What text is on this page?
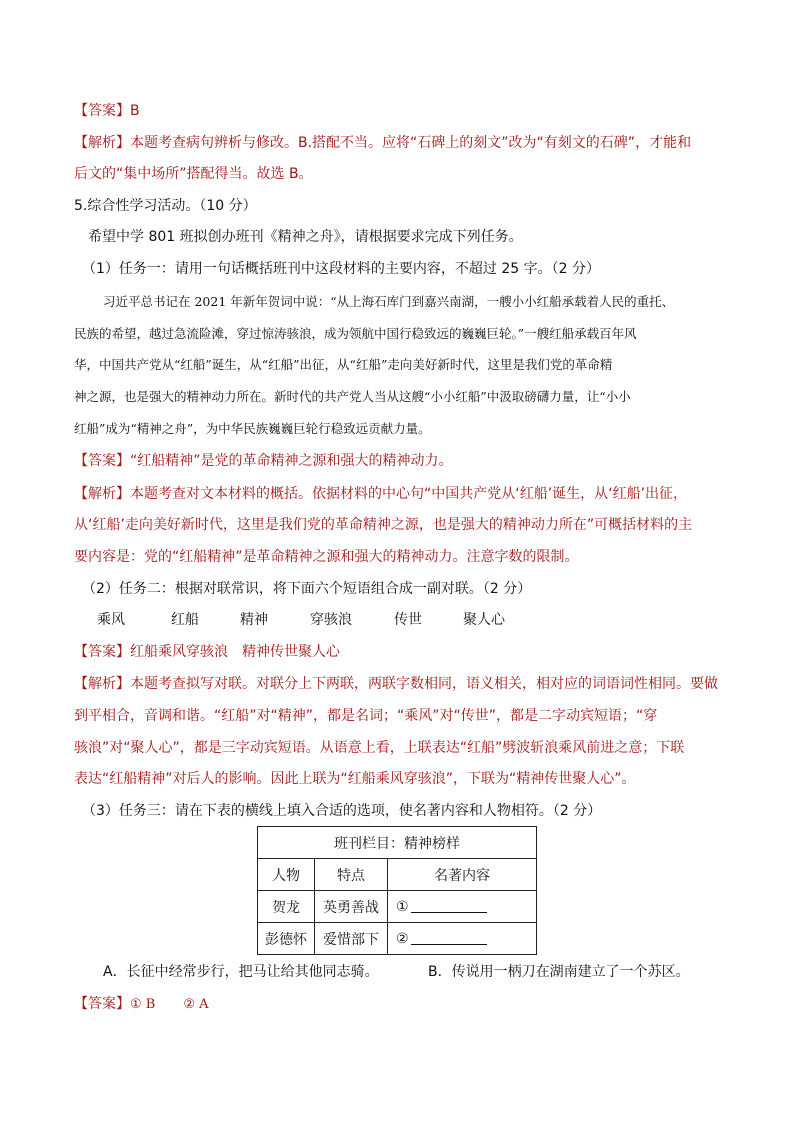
【答案】B
【解析】本题考查病句辨析与修改。B.搭配不当。应将“石碑上的刻文”改为“有刻文的石碑”，才能和
后文的“集中场所”搭配得当。故选 B。
5.综合性学习活动。（10 分）
希望中学 801 班拟创办班刊《精神之舟》，请根据要求完成下列任务。
（1）任务一：请用一句话概括班刊中这段材料的主要内容，不超过 25 字。（2 分）
习近平总书记在 2021 年新年贺词中说：“从上海石库门到嘉兴南湖，一艘小小红船承载着人民的重托、
民族的希望，越过急流险滩，穿过惊涛骇浪，成为领航中国行稳致远的巍巍巨轮。”一艘红船承载百年风
华，中国共产党从“红船”诞生，从“红船”出征，从“红船”走向美好新时代，这里是我们党的革命精
神之源，也是强大的精神动力所在。新时代的共产党人当从这艘“小小红船”中汲取磅礴力量，让“小小
红船”成为“精神之舟”，为中华民族巍巍巨轮行稳致远贡献力量。
【答案】“红船精神”是党的革命精神之源和强大的精神动力。
【解析】本题考查对文本材料的概括。依据材料的中心句“中国共产党从‘红船’诞生，从‘红船’出征，
从‘红船’走向美好新时代，这里是我们党的革命精神之源，也是强大的精神动力所在”可概括材料的主
要内容是：党的“红船精神”是革命精神之源和强大的精神动力。注意字数的限制。
（2）任务二：根据对联常识，将下面六个短语组合成一副对联。（2 分）
乘风	红船	精神	穿骇浪	传世	聚人心
【答案】红船乘风穿骇浪　精神传世聚人心
【解析】本题考查拟写对联。对联分上下两联，两联字数相同，语义相关，相对应的词语词性相同。要做
到平相合，音调和谐。“红船”对“精神”，都是名词；“乘风”对“传世”，都是二字动宾短语；“穿
骇浪”对“聚人心”，都是三字动宾短语。从语意上看，上联表达“红船”劈波斩浪乘风前进之意；下联
表达“红船精神”对后人的影响。因此上联为“红船乘风穿骇浪”，下联为“精神传世聚人心”。
（3）任务三：请在下表的横线上填入合适的选项，使名著内容和人物相符。（2 分）
班刊栏目：精神榜样		
人物	特点	名著内容
贺龙	英勇善战	①
彭德怀	爱惜部下	②
A．长征中经常步行，把马让给其他同志骑。	B．传说用一柄刀在湖南建立了一个苏区。
【答案】① B ② A
